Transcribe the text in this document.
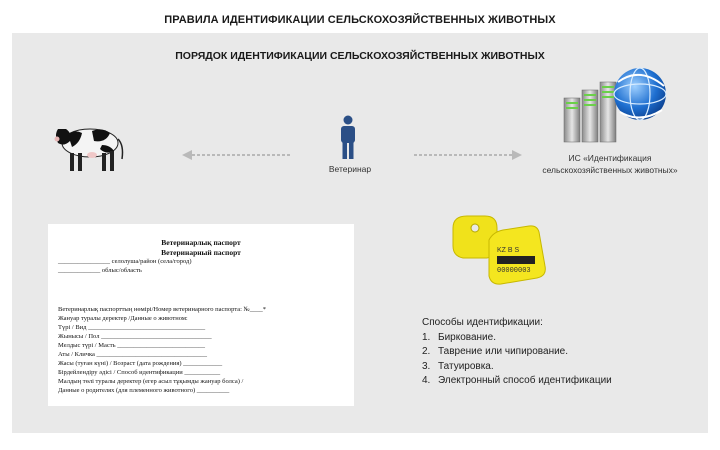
ПРАВИЛА ИДЕНТИФИКАЦИИ СЕЛЬСКОХОЗЯЙСТВЕННЫХ ЖИВОТНЫХ
ПОРЯДОК ИДЕНТИФИКАЦИИ СЕЛЬСКОХОЗЯЙСТВЕННЫХ ЖИВОТНЫХ
Ветеринар
ИС «Идентификация сельскохозяйственных животных»
KZ B S
00000003
Ветеринарлық паспорт
Ветеринарный паспорт
________________ селолуша/район (села/город)
_____________ облыс/область
Ветеринарлық паспорттың нөмірі/Номер ветеринарного паспорта: №____*
Жануар туралы деректер /Данные о животном:
Түрі / Вид ____________________________________
Жынысы / Пол __________________________________
Мелдыс түрі / Масть ___________________________
Аты / Кличка __________________________________
Жасы (туған күні) / Возраст (дата рождения) ____________
Бірдейлендіру әдісі / Способ идентификации ___________
Малдың төлі туралы деректер (егер асыл тұқымды жануар болса) /
Данные о родителях (для племенного животного) __________
Способы идентификации:
1. Биркование.
2. Таврение или чипирование.
3. Татуировка.
4. Электронный способ идентификации
